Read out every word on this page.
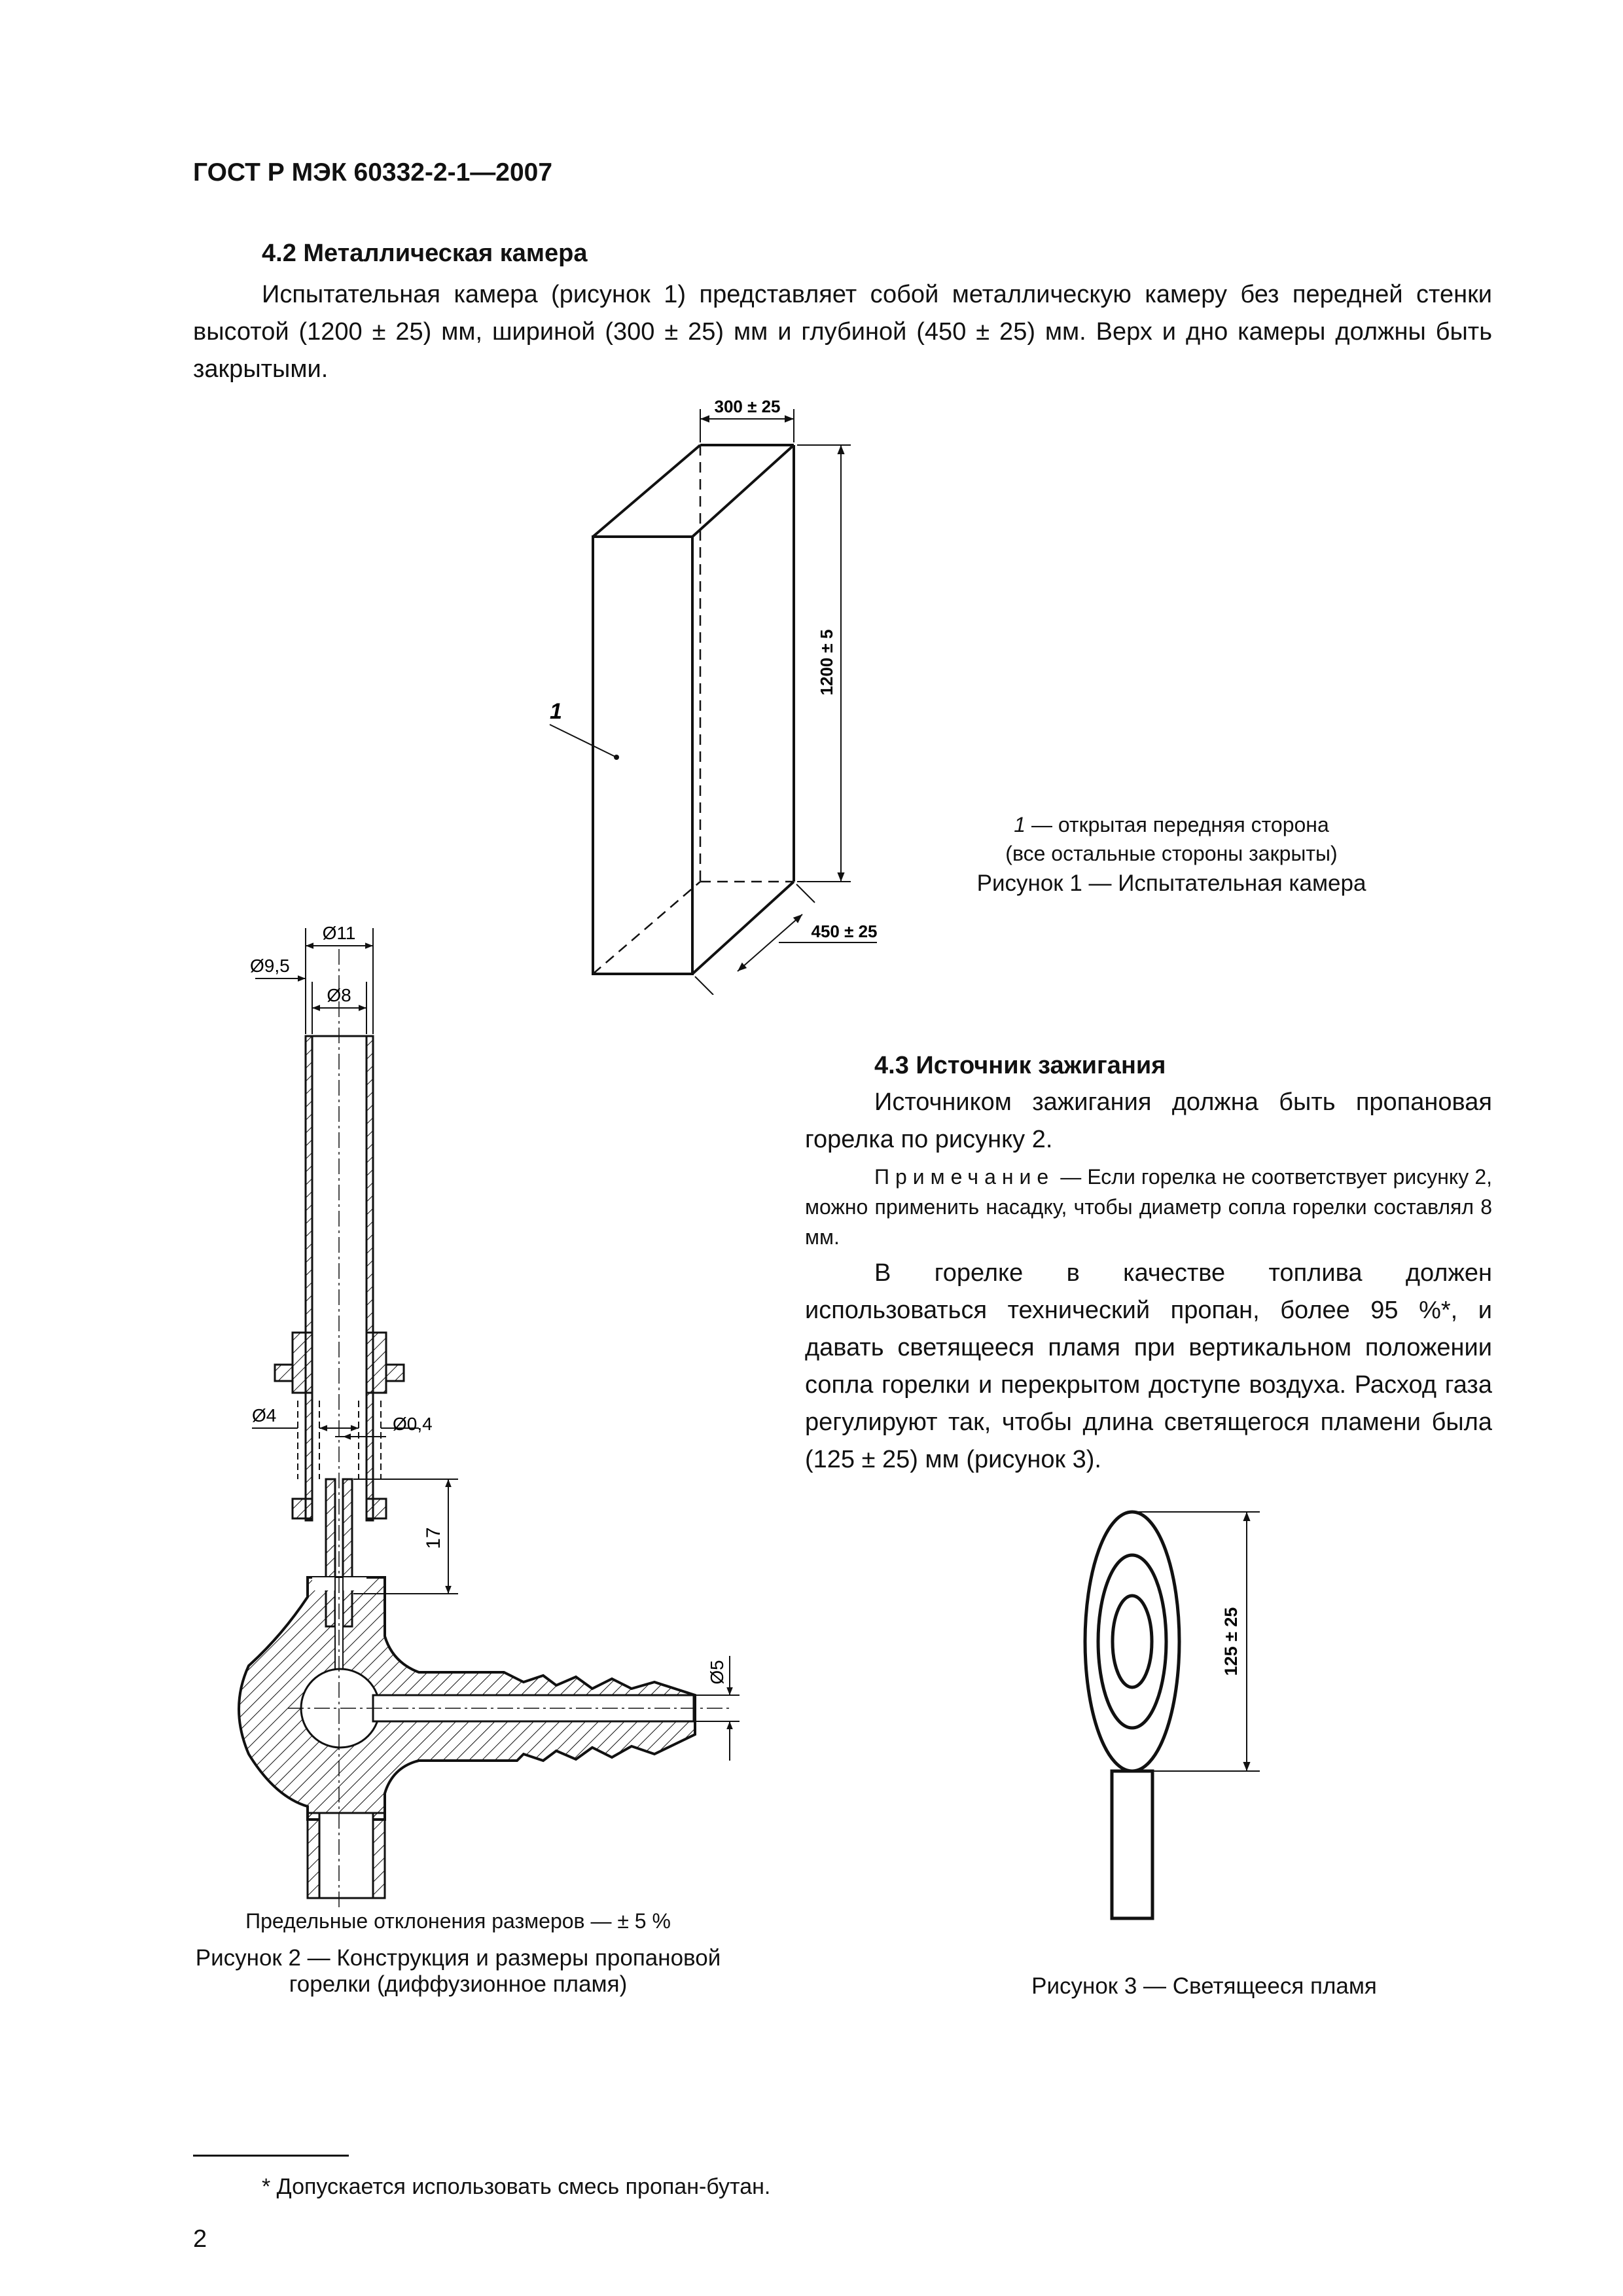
ГОСТ Р МЭК 60332-2-1—2007
4.2 Металлическая камера
Испытательная камера (рисунок 1) представляет собой металлическую камеру без передней стенки высотой (1200 ± 25) мм, шириной (300 ± 25) мм и глубиной (450 ± 25) мм. Верх и дно камеры должны быть закрытыми.
300 ± 25
1200 ± 5
450 ± 25
1
1 — открытая передняя сторона
(все остальные стороны закрыты)
Рисунок 1 — Испытательная камера
4.3 Источник зажигания
Источником зажигания должна быть пропановая горелка по рисунку 2.
Примечание — Если горелка не соответствует рисунку 2, можно применить насадку, чтобы диаметр сопла горелки составлял 8 мм.
В горелке в качестве топлива должен использоваться технический пропан, более 95 %*, и давать светящееся пламя при вертикальном положении сопла горелки и перекрытом доступе воздуха. Расход газа регулируют так, чтобы длина светящегося пламени была (125 ± 25) мм (рисунок 3).
Ø11
Ø9,5
Ø8
Ø4	Ø0,4
17
Ø5
Предельные отклонения размеров — ± 5 %
Рисунок 2 — Конструкция и размеры пропановой
горелки (диффузионное пламя)
125 ± 25
Рисунок 3 — Светящееся пламя
* Допускается использовать смесь пропан-бутан.
2
